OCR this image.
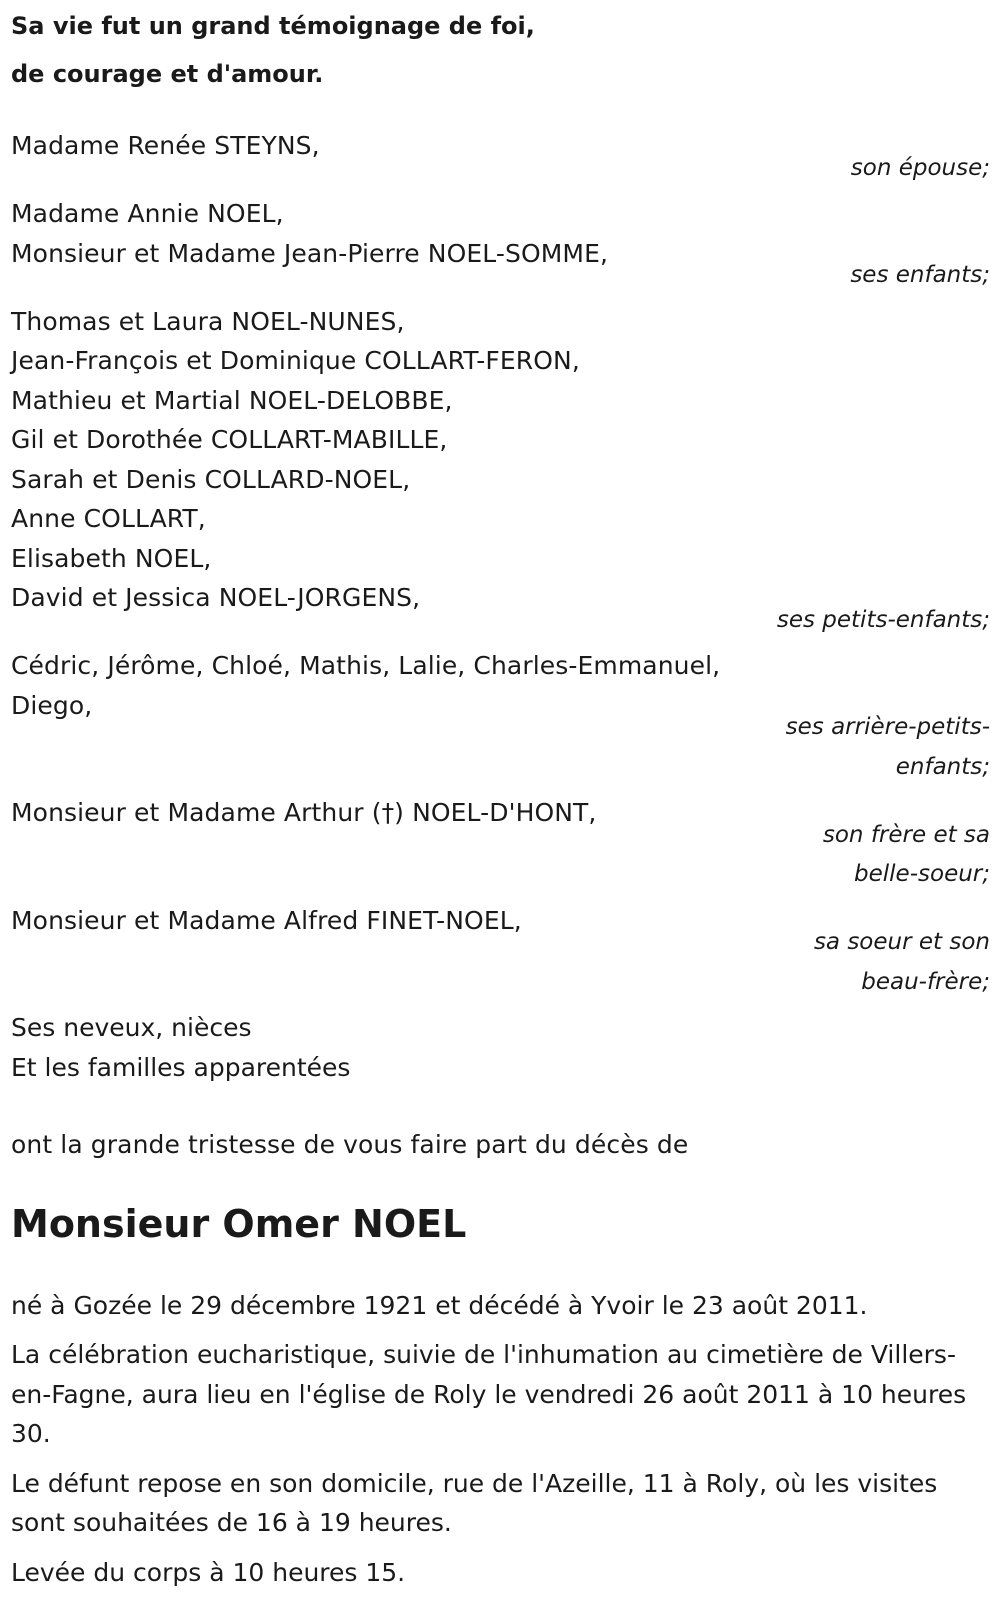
Sa vie fut un grand témoignage de foi,
de courage et d'amour.
Madame Renée STEYNS,
son épouse;
Madame Annie NOEL,
Monsieur et Madame Jean-Pierre NOEL-SOMME,
ses enfants;
Thomas et Laura NOEL-NUNES,
Jean-François et Dominique COLLART-FERON,
Mathieu et Martial NOEL-DELOBBE,
Gil et Dorothée COLLART-MABILLE,
Sarah et Denis COLLARD-NOEL,
Anne COLLART,
Elisabeth NOEL,
David et Jessica NOEL-JORGENS,
ses petits-enfants;
Cédric, Jérôme, Chloé, Mathis, Lalie, Charles-Emmanuel,
Diego,
ses arrière-petits-
enfants;
Monsieur et Madame Arthur (†) NOEL-D'HONT,
son frère et sa
belle-soeur;
Monsieur et Madame Alfred FINET-NOEL,
sa soeur et son
beau-frère;
Ses neveux, nièces
Et les familles apparentées
ont la grande tristesse de vous faire part du décès de
Monsieur Omer NOEL

né à Gozée le 29 décembre 1921 et décédé à Yvoir le 23 août 2011.

La célébration eucharistique, suivie de l'inhumation au cimetière de Villers-en-Fagne, aura lieu en l'église de Roly le vendredi 26 août 2011 à 10 heures 30.

Le défunt repose en son domicile, rue de l'Azeille, 11 à Roly, où les visites sont souhaitées de 16 à 19 heures.

Levée du corps à 10 heures 15.
